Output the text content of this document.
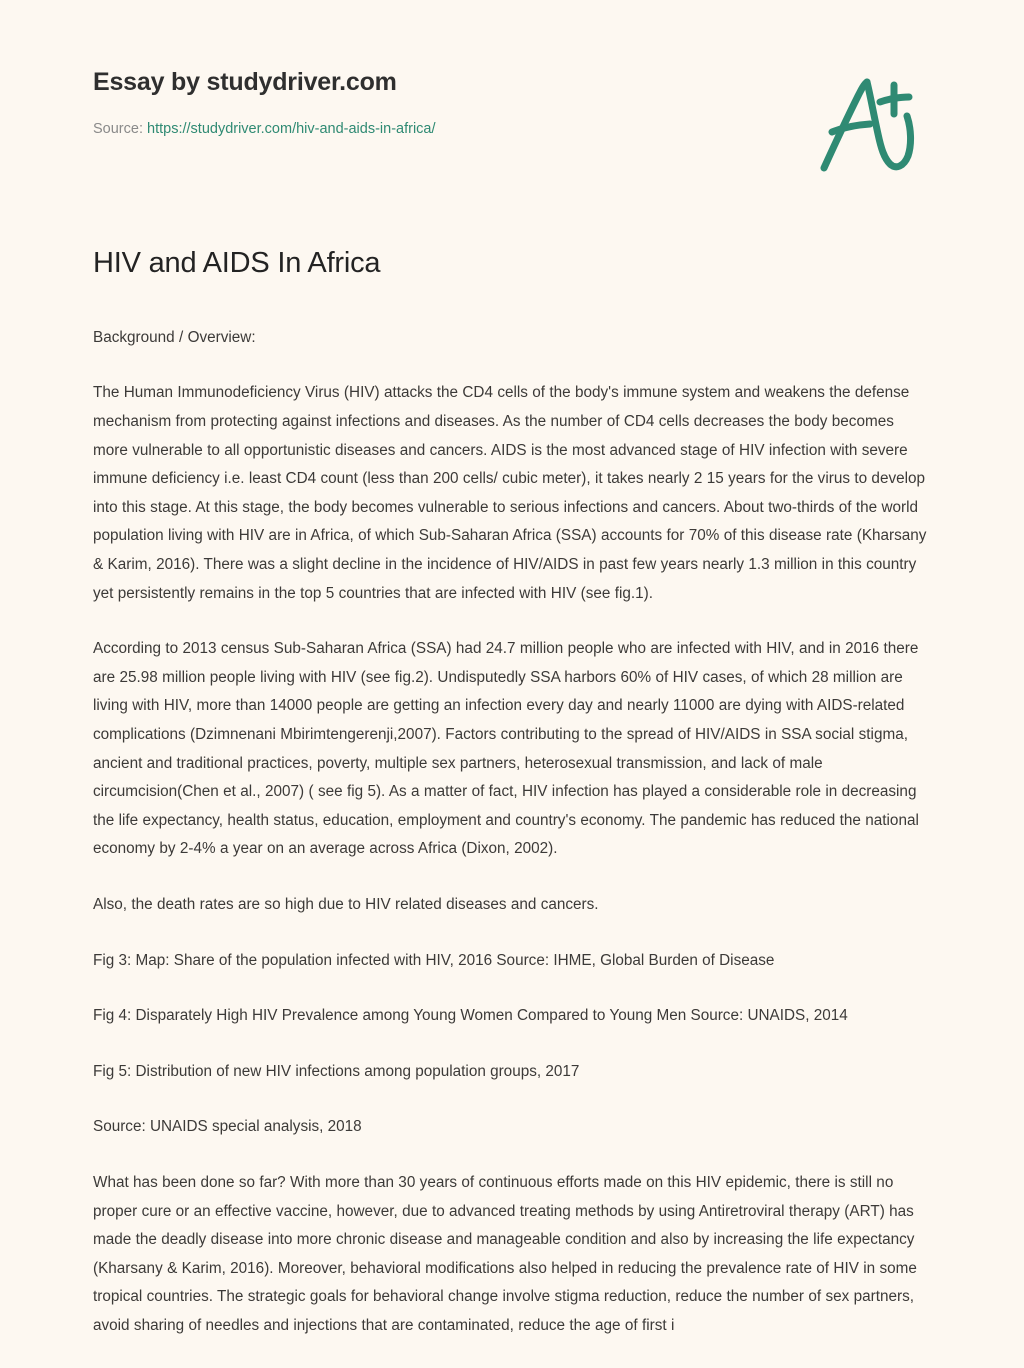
Essay by studydriver.com
Source: https://studydriver.com/hiv-and-aids-in-africa/
HIV and AIDS In Africa

Background / Overview:

The Human Immunodeficiency Virus (HIV) attacks the CD4 cells of the body's immune system and weakens the defense mechanism from protecting against infections and diseases. As the number of CD4 cells decreases the body becomes more vulnerable to all opportunistic diseases and cancers. AIDS is the most advanced stage of HIV infection with severe immune deficiency i.e. least CD4 count (less than 200 cells/ cubic meter), it takes nearly 2 15 years for the virus to develop into this stage. At this stage, the body becomes vulnerable to serious infections and cancers. About two-thirds of the world population living with HIV are in Africa, of which Sub-Saharan Africa (SSA) accounts for 70% of this disease rate (Kharsany & Karim, 2016). There was a slight decline in the incidence of HIV/AIDS in past few years nearly 1.3 million in this country yet persistently remains in the top 5 countries that are infected with HIV (see fig.1).

According to 2013 census Sub-Saharan Africa (SSA) had 24.7 million people who are infected with HIV, and in 2016 there are 25.98 million people living with HIV (see fig.2). Undisputedly SSA harbors 60% of HIV cases, of which 28 million are living with HIV, more than 14000 people are getting an infection every day and nearly 11000 are dying with AIDS-related complications (Dzimnenani Mbirimtengerenji,2007). Factors contributing to the spread of HIV/AIDS in SSA social stigma, ancient and traditional practices, poverty, multiple sex partners, heterosexual transmission, and lack of male circumcision(Chen et al., 2007) ( see fig 5). As a matter of fact, HIV infection has played a considerable role in decreasing the life expectancy, health status, education, employment and country's economy. The pandemic has reduced the national economy by 2-4% a year on an average across Africa (Dixon, 2002).

Also, the death rates are so high due to HIV related diseases and cancers.

Fig 3: Map: Share of the population infected with HIV, 2016 Source: IHME, Global Burden of Disease

Fig 4: Disparately High HIV Prevalence among Young Women Compared to Young Men Source: UNAIDS, 2014

Fig 5: Distribution of new HIV infections among population groups, 2017

Source: UNAIDS special analysis, 2018

What has been done so far? With more than 30 years of continuous efforts made on this HIV epidemic, there is still no proper cure or an effective vaccine, however, due to advanced treating methods by using Antiretroviral therapy (ART) has made the deadly disease into more chronic disease and manageable condition and also by increasing the life expectancy (Kharsany & Karim, 2016). Moreover, behavioral modifications also helped in reducing the prevalence rate of HIV in some tropical countries. The strategic goals for behavioral change involve stigma reduction, reduce the number of sex partners, avoid sharing of needles and injections that are contaminated, reduce the age of first i
